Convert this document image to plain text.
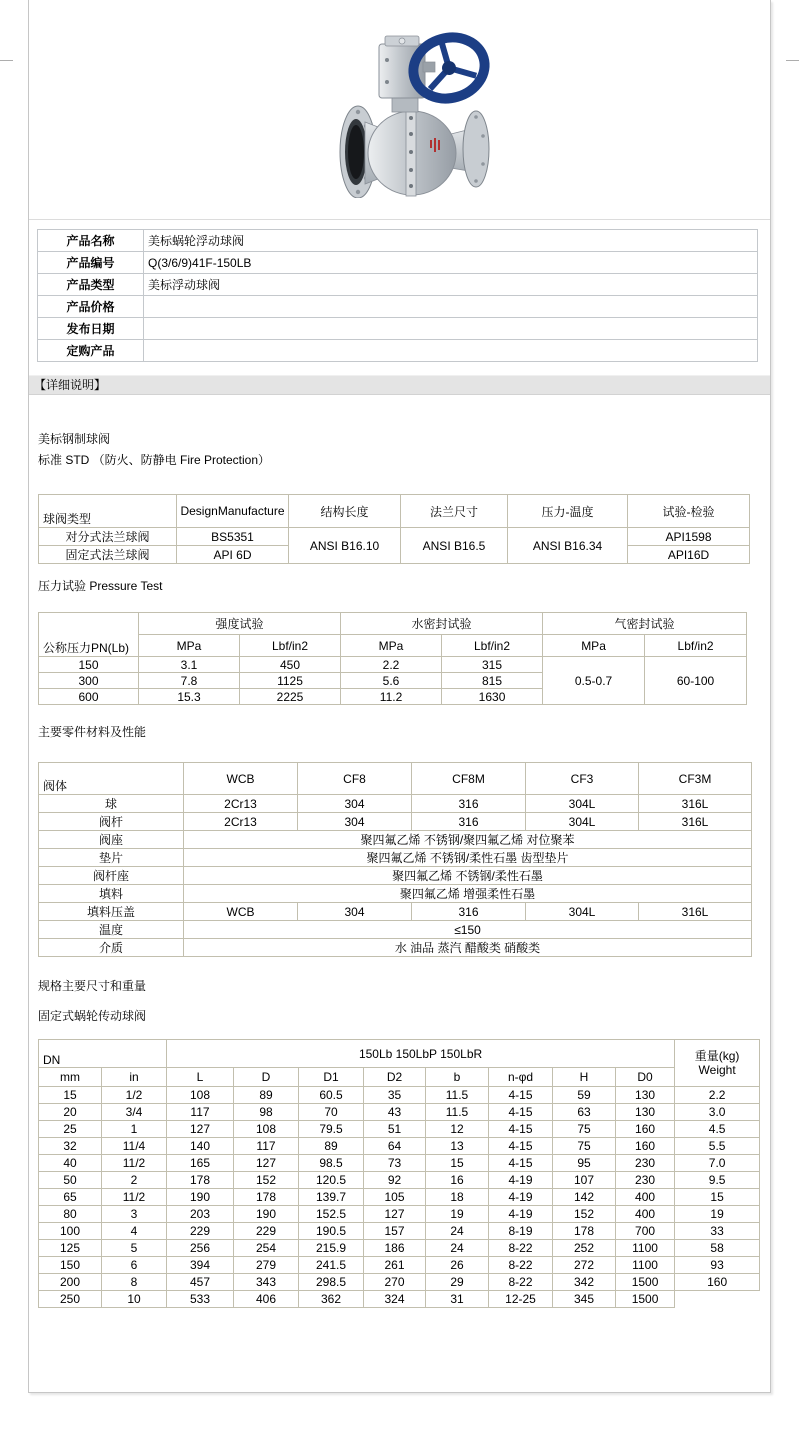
产品名称	美标蜗轮浮动球阀
产品编号	Q(3/6/9)41F-150LB
产品类型	美标浮动球阀
产品价格	
发布日期	
定购产品	
【详细说明】
美标钢制球阀
标准 STD （防火、防静电 Fire Protection）
球阀类型	DesignManufacture	结构长度	法兰尺寸	压力-温度	试验-检验
对分式法兰球阀	BS5351	ANSI B16.10	ANSI B16.5	ANSI B16.34	API1598
固定式法兰球阀	API 6D				API16D
压力试验 Pressure Test
公称压力PN(Lb)	强度试验		水密封试验		气密封试验	
	MPa	Lbf/in2	MPa	Lbf/in2	MPa	Lbf/in2
150	3.1	450	2.2	315	0.5-0.7	60-100
300	7.8	1125	5.6	815		
600	15.3	2225	11.2	1630		
主要零件材料及性能
阀体	WCB	CF8	CF8M	CF3	CF3M
球	2Cr13	304	316	304L	316L
阀杆	2Cr13	304	316	304L	316L
阀座	聚四氟乙烯 不锈钢/聚四氟乙烯 对位聚苯				
垫片	聚四氟乙烯 不锈钢/柔性石墨 齿型垫片				
阀杆座	聚四氟乙烯 不锈钢/柔性石墨				
填料	聚四氟乙烯 增强柔性石墨				
填料压盖	WCB	304	316	304L	316L
温度	≤150				
介质	水 油品 蒸汽 醋酸类 硝酸类				
规格主要尺寸和重量
固定式蜗轮传动球阀
DN		150Lb 150LbP 150LbR								重量(kg)
Weight

mm	in	L	D	D1	D2	b	n-φd	H	D0	
15	1/2	108	89	60.5	35	11.5	4-15	59	130	2.2
20	3/4	117	98	70	43	11.5	4-15	63	130	3.0
25	1	127	108	79.5	51	12	4-15	75	160	4.5
32	11/4	140	117	89	64	13	4-15	75	160	5.5
40	11/2	165	127	98.5	73	15	4-15	95	230	7.0
50	2	178	152	120.5	92	16	4-19	107	230	9.5
65	11/2	190	178	139.7	105	18	4-19	142	400	15
80	3	203	190	152.5	127	19	4-19	152	400	19
100	4	229	229	190.5	157	24	8-19	178	700	33
125	5	256	254	215.9	186	24	8-22	252	1100	58
150	6	394	279	241.5	261	26	8-22	272	1100	93
200	8	457	343	298.5	270	29	8-22	342	1500	160
250	10	533	406	362	324	31	12-25	345	1500	
